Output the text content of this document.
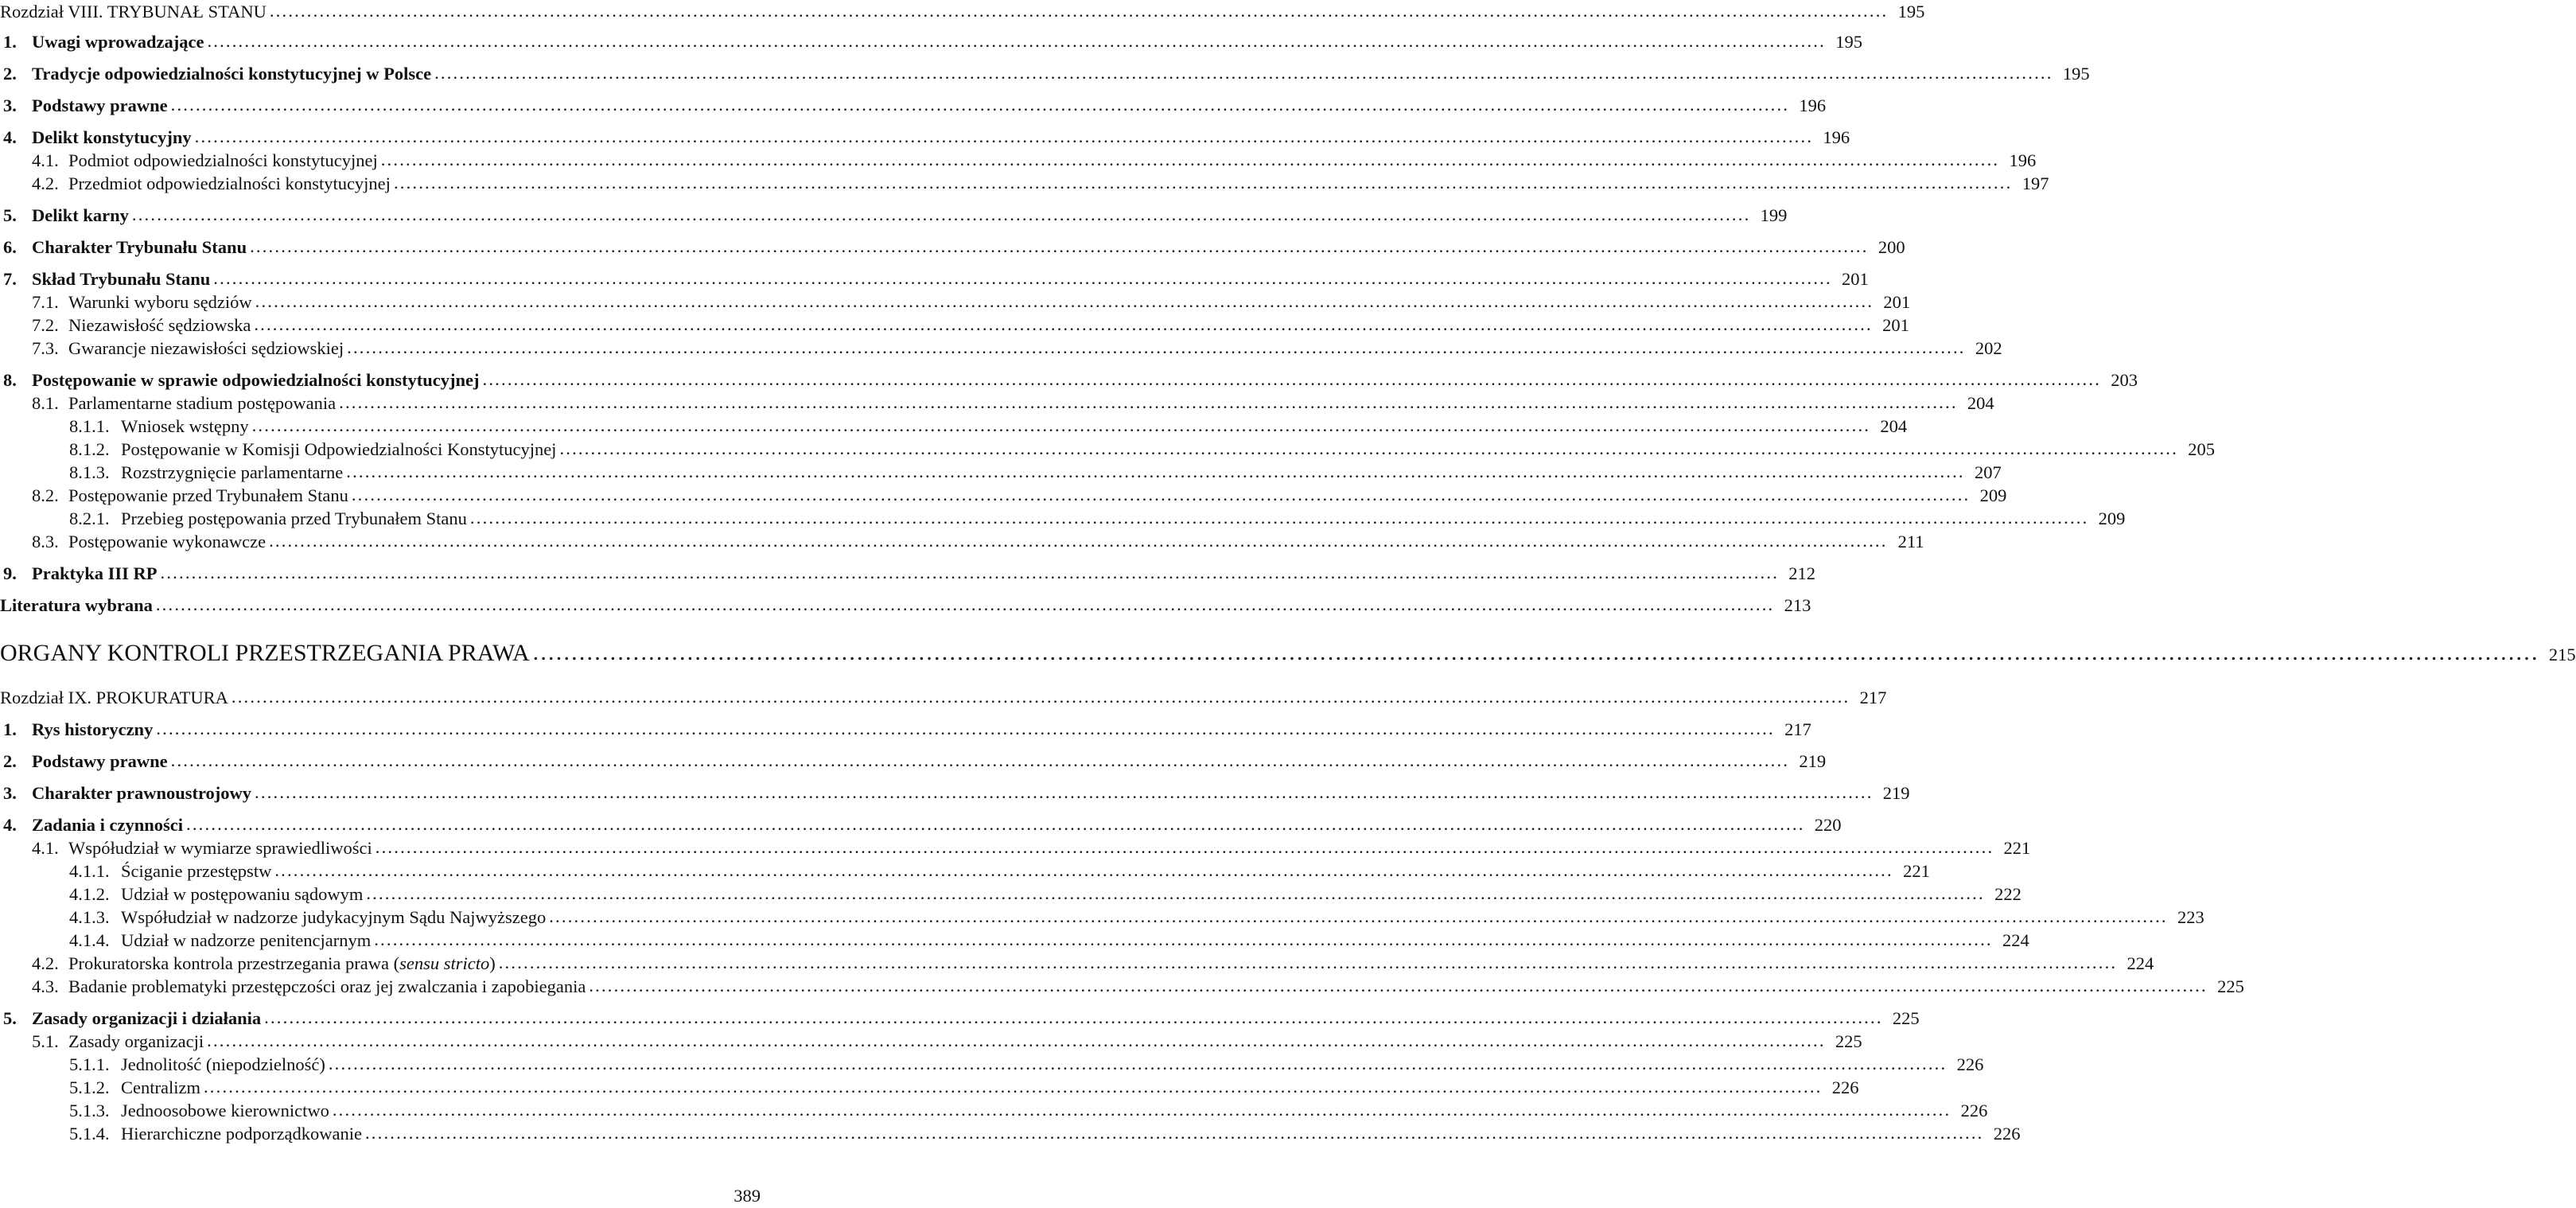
Rozdział VIII. TRYBUNAŁ STANU .................................................................................................................................................................................................................................................................... 195
1. Uwagi wprowadzające .................................................................................................................................................................................................................................................................... 195
2. Tradycje odpowiedzialności konstytucyjnej w Polsce .................................................................................................................................................................................................................................................................... 195
3. Podstawy prawne .................................................................................................................................................................................................................................................................... 196
4. Delikt konstytucyjny .................................................................................................................................................................................................................................................................... 196
4.1. Podmiot odpowiedzialności konstytucyjnej .................................................................................................................................................................................................................................................................... 196
4.2. Przedmiot odpowiedzialności konstytucyjnej .................................................................................................................................................................................................................................................................... 197
5. Delikt karny .................................................................................................................................................................................................................................................................... 199
6. Charakter Trybunału Stanu .................................................................................................................................................................................................................................................................... 200
7. Skład Trybunału Stanu .................................................................................................................................................................................................................................................................... 201
7.1. Warunki wyboru sędziów .................................................................................................................................................................................................................................................................... 201
7.2. Niezawisłość sędziowska .................................................................................................................................................................................................................................................................... 201
7.3. Gwarancje niezawisłości sędziowskiej .................................................................................................................................................................................................................................................................... 202
8. Postępowanie w sprawie odpowiedzialności konstytucyjnej .................................................................................................................................................................................................................................................................... 203
8.1. Parlamentarne stadium postępowania .................................................................................................................................................................................................................................................................... 204
8.1.1. Wniosek wstępny .................................................................................................................................................................................................................................................................... 204
8.1.2. Postępowanie w Komisji Odpowiedzialności Konstytucyjnej .................................................................................................................................................................................................................................................................... 205
8.1.3. Rozstrzygnięcie parlamentarne .................................................................................................................................................................................................................................................................... 207
8.2. Postępowanie przed Trybunałem Stanu .................................................................................................................................................................................................................................................................... 209
8.2.1. Przebieg postępowania przed Trybunałem Stanu .................................................................................................................................................................................................................................................................... 209
8.3. Postępowanie wykonawcze .................................................................................................................................................................................................................................................................... 211
9. Praktyka III RP .................................................................................................................................................................................................................................................................... 212
Literatura wybrana .................................................................................................................................................................................................................................................................... 213
ORGANY KONTROLI PRZESTRZEGANIA PRAWA .................................................................................................................................................................................................................................................................... 215
Rozdział IX. PROKURATURA .................................................................................................................................................................................................................................................................... 217
1. Rys historyczny .................................................................................................................................................................................................................................................................... 217
2. Podstawy prawne .................................................................................................................................................................................................................................................................... 219
3. Charakter prawnoustrojowy .................................................................................................................................................................................................................................................................... 219
4. Zadania i czynności .................................................................................................................................................................................................................................................................... 220
4.1. Współudział w wymiarze sprawiedliwości .................................................................................................................................................................................................................................................................... 221
4.1.1. Ściganie przestępstw .................................................................................................................................................................................................................................................................... 221
4.1.2. Udział w postępowaniu sądowym .................................................................................................................................................................................................................................................................... 222
4.1.3. Współudział w nadzorze judykacyjnym Sądu Najwyższego .................................................................................................................................................................................................................................................................... 223
4.1.4. Udział w nadzorze penitencjarnym .................................................................................................................................................................................................................................................................... 224
4.2. Prokuratorska kontrola przestrzegania prawa (sensu stricto) .................................................................................................................................................................................................................................................................... 224
4.3. Badanie problematyki przestępczości oraz jej zwalczania i zapobiegania .................................................................................................................................................................................................................................................................... 225
5. Zasady organizacji i działania .................................................................................................................................................................................................................................................................... 225
5.1. Zasady organizacji .................................................................................................................................................................................................................................................................... 225
5.1.1. Jednolitość (niepodzielność) .................................................................................................................................................................................................................................................................... 226
5.1.2. Centralizm .................................................................................................................................................................................................................................................................... 226
5.1.3. Jednoosobowe kierownictwo .................................................................................................................................................................................................................................................................... 226
5.1.4. Hierarchiczne podporządkowanie .................................................................................................................................................................................................................................................................... 226
389
